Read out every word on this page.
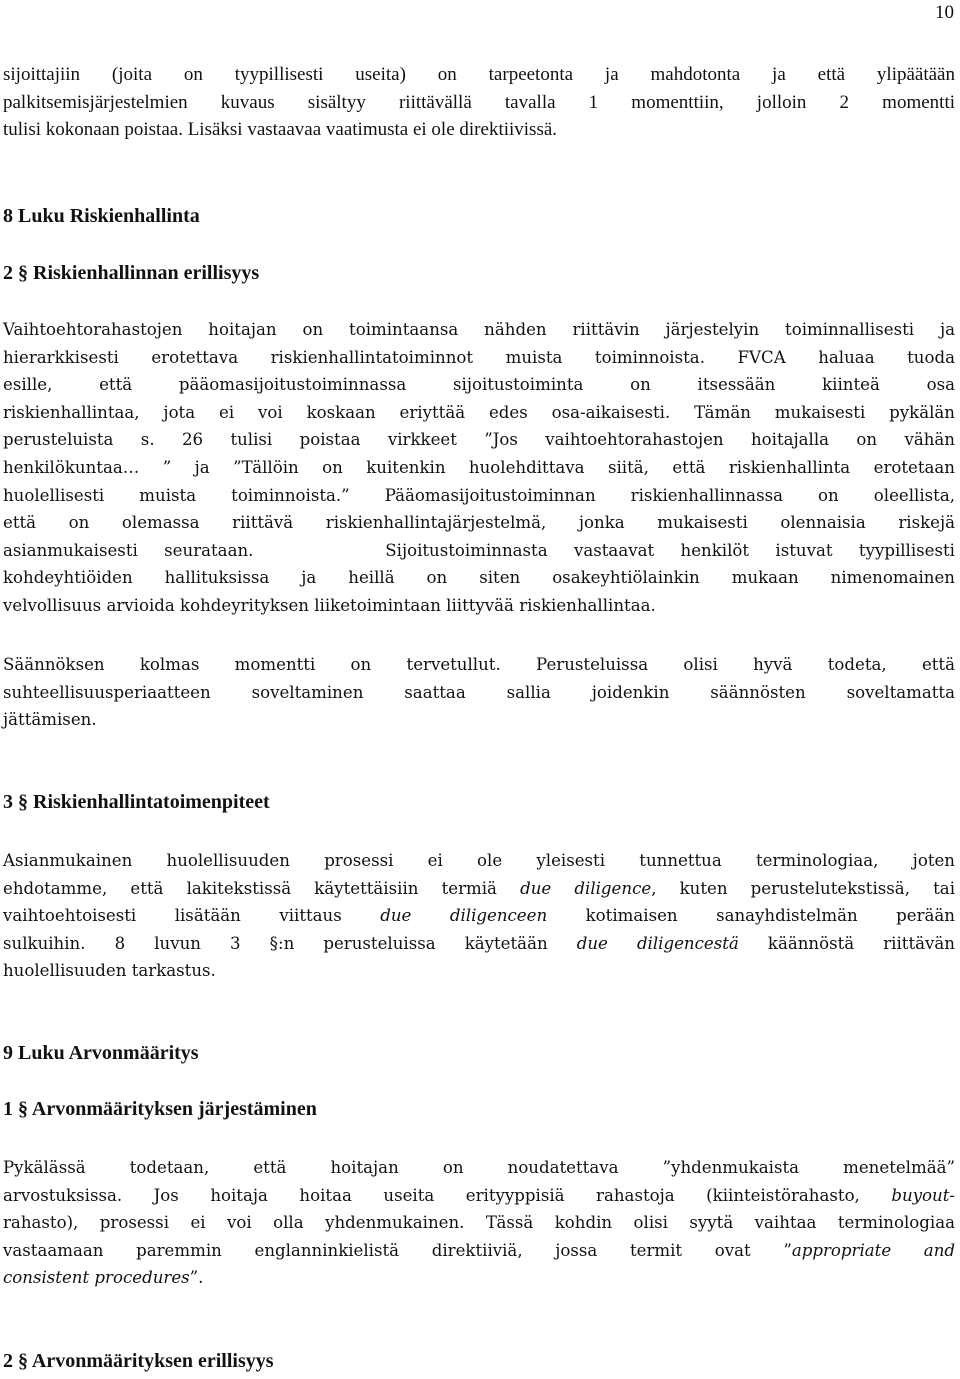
10
sijoittajiin (joita on tyypillisesti useita) on tarpeetonta ja mahdotonta ja että ylipäätään
palkitsemisjärjestelmien kuvaus sisältyy riittävällä tavalla 1 momenttiin, jolloin 2 momentti
tulisi kokonaan poistaa. Lisäksi vastaavaa vaatimusta ei ole direktiivissä.
8 Luku Riskienhallinta
2 § Riskienhallinnan erillisyys
Vaihtoehtorahastojen hoitajan on toimintaansa nähden riittävin järjestelyin toiminnallisesti ja
hierarkkisesti erotettava riskienhallintatoiminnot muista toiminnoista. FVCA haluaa tuoda
esille, että pääomasijoitustoiminnassa sijoitustoiminta on itsessään kiinteä osa
riskienhallintaa, jota ei voi koskaan eriyttää edes osa-aikaisesti. Tämän mukaisesti pykälän
perusteluista s. 26 tulisi poistaa virkkeet ”Jos vaihtoehtorahastojen hoitajalla on vähän
henkilökuntaa… ” ja ”Tällöin on kuitenkin huolehdittava siitä, että riskienhallinta erotetaan
huolellisesti muista toiminnoista.” Pääomasijoitustoiminnan riskienhallinnassa on oleellista,
että on olemassa riittävä riskienhallintajärjestelmä, jonka mukaisesti olennaisia riskejä
asianmukaisesti seurataan.     Sijoitustoiminnasta vastaavat henkilöt istuvat tyypillisesti
kohdeyhtiöiden hallituksissa ja heillä on siten osakeyhtiölainkin mukaan nimenomainen
velvollisuus arvioida kohdeyrityksen liiketoimintaan liittyvää riskienhallintaa.
Säännöksen kolmas momentti on tervetullut. Perusteluissa olisi hyvä todeta, että
suhteellisuusperiaatteen soveltaminen saattaa sallia joidenkin säännösten soveltamatta
jättämisen.
3 § Riskienhallintatoimenpiteet
Asianmukainen huolellisuuden prosessi ei ole yleisesti tunnettua terminologiaa, joten
ehdotamme, että lakitekstissä käytettäisiin termiä due diligence, kuten perustelutekstissä, tai
vaihtoehtoisesti lisätään viittaus due diligenceen kotimaisen sanayhdistelmän perään
sulkuihin. 8 luvun 3 §:n perusteluissa käytetään due diligencestä käännöstä riittävän
huolellisuuden tarkastus.
9 Luku Arvonmääritys
1 § Arvonmäärityksen järjestäminen
Pykälässä todetaan, että hoitajan on noudatettava ”yhdenmukaista menetelmää”
arvostuksissa. Jos hoitaja hoitaa useita erityyppisiä rahastoja (kiinteistörahasto, buyout-
rahasto), prosessi ei voi olla yhdenmukainen. Tässä kohdin olisi syytä vaihtaa terminologiaa
vastaamaan paremmin englanninkielistä direktiiviä, jossa termit ovat ”appropriate and
consistent procedures”.
2 § Arvonmäärityksen erillisyys
